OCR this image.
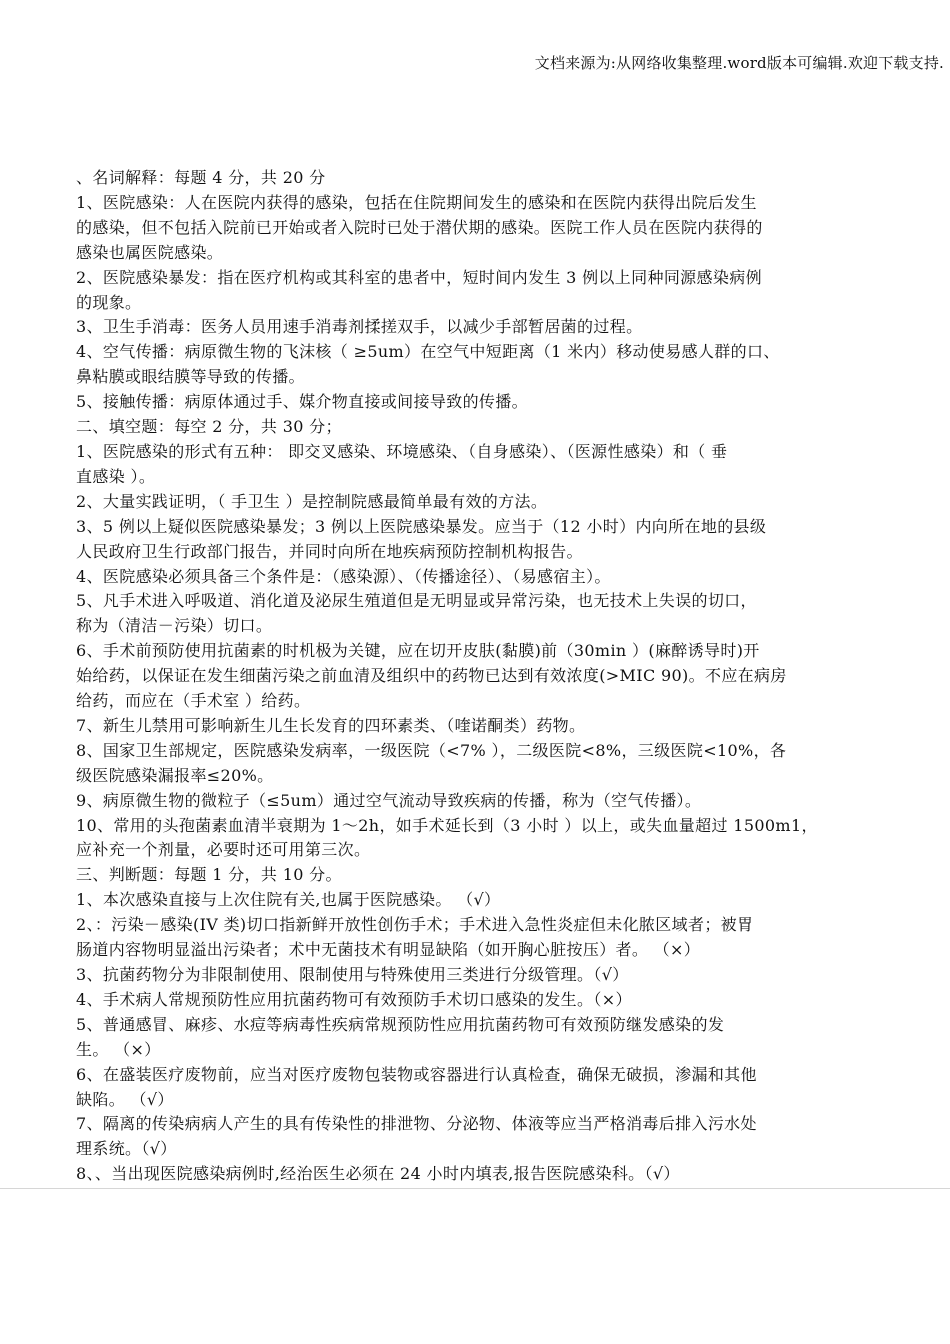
文档来源为:从网络收集整理.word版本可编辑.欢迎下载支持.
、名词解释：每题 4 分，共 20 分
1、医院感染：人在医院内获得的感染，包括在住院期间发生的感染和在医院内获得出院后发生
的感染，但不包括入院前已开始或者入院时已处于潜伏期的感染。医院工作人员在医院内获得的
感染也属医院感染。
2、医院感染暴发：指在医疗机构或其科室的患者中，短时间内发生 3 例以上同种同源感染病例
的现象。
3、卫生手消毒：医务人员用速手消毒剂揉搓双手，以减少手部暂居菌的过程。
4、空气传播：病原微生物的飞沫核（ ≥5um）在空气中短距离（1 米内）移动使易感人群的口、
鼻粘膜或眼结膜等导致的传播。
5、接触传播：病原体通过手、媒介物直接或间接导致的传播。
二、填空题：每空 2 分，共 30 分；
1、医院感染的形式有五种： 即交叉感染、环境感染、（自身感染）、（医源性感染）和（ 垂
直感染 ）。
2、大量实践证明，（ 手卫生 ）是控制院感最简单最有效的方法。
3、5 例以上疑似医院感染暴发；3 例以上医院感染暴发。应当于（12 小时）内向所在地的县级
人民政府卫生行政部门报告，并同时向所在地疾病预防控制机构报告。
4、医院感染必须具备三个条件是：（感染源）、（传播途径）、（易感宿主）。
5、凡手术进入呼吸道、消化道及泌尿生殖道但是无明显或异常污染，也无技术上失误的切口，
称为（清洁－污染）切口。
6、手术前预防使用抗菌素的时机极为关键，应在切开皮肤(黏膜)前（30min ）(麻醉诱导时)开
始给药，以保证在发生细菌污染之前血清及组织中的药物已达到有效浓度(>MIC 90)。不应在病房
给药，而应在（手术室 ）给药。
7、新生儿禁用可影响新生儿生长发育的四环素类、（喹诺酮类）药物。
8、国家卫生部规定，医院感染发病率，一级医院（<7% ），二级医院<8%，三级医院<10%，各
级医院感染漏报率≤20%。
9、病原微生物的微粒子（≤5um）通过空气流动导致疾病的传播，称为（空气传播）。
10、常用的头孢菌素血清半衰期为 1～2h，如手术延长到（3 小时 ）以上，或失血量超过 1500m1，
应补充一个剂量，必要时还可用第三次。
三、判断题：每题 1 分，共 10 分。
1、本次感染直接与上次住院有关,也属于医院感染。 （√）
2、：污染－感染(IV 类)切口指新鲜开放性创伤手术；手术进入急性炎症但未化脓区域者；被胃
肠道内容物明显溢出污染者；术中无菌技术有明显缺陷（如开胸心脏按压）者。 （×）
3、抗菌药物分为非限制使用、限制使用与特殊使用三类进行分级管理。（√）
4、手术病人常规预防性应用抗菌药物可有效预防手术切口感染的发生。（×）
5、普通感冒、麻疹、水痘等病毒性疾病常规预防性应用抗菌药物可有效预防继发感染的发
生。 （×）
6、在盛装医疗废物前，应当对医疗废物包装物或容器进行认真检查，确保无破损，渗漏和其他
缺陷。 （√）
7、隔离的传染病病人产生的具有传染性的排泄物、分泌物、体液等应当严格消毒后排入污水处
理系统。（√）
8、、当出现医院感染病例时,经治医生必须在 24 小时内填表,报告医院感染科。（√）
